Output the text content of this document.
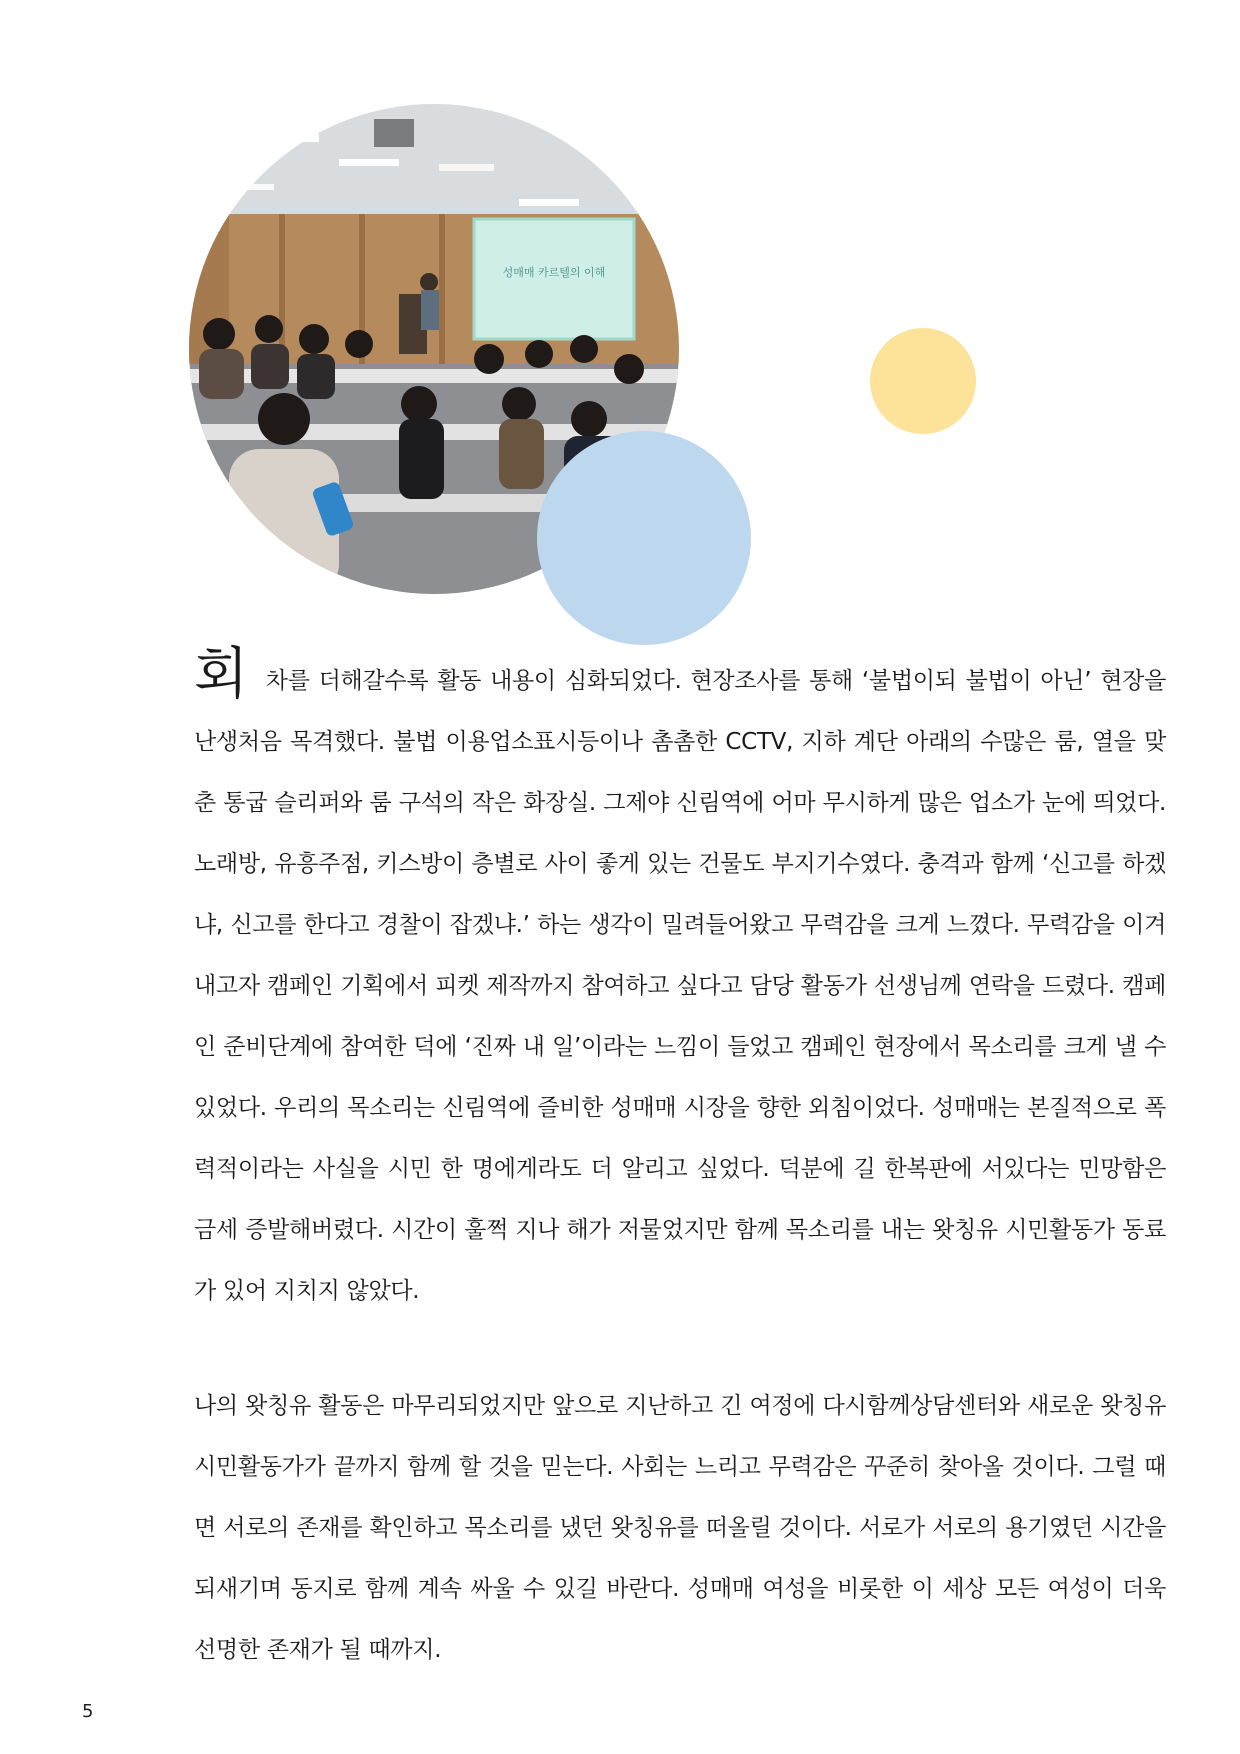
성매매 카르텔의 이해

회 차를 더해갈수록 활동 내용이 심화되었다. 현장조사를 통해 ‘불법이되 불법이 아닌’ 현장을 난생처음 목격했다. 불법 이용업소표시등이나 촘촘한 CCTV, 지하 계단 아래의 수많은 룸, 열을 맞춘 통굽 슬리퍼와 룸 구석의 작은 화장실. 그제야 신림역에 어마 무시하게 많은 업소가 눈에 띄었다. 노래방, 유흥주점, 키스방이 층별로 사이 좋게 있는 건물도 부지기수였다. 충격과 함께 ‘신고를 하겠냐, 신고를 한다고 경찰이 잡겠냐.’ 하는 생각이 밀려들어왔고 무력감을 크게 느꼈다. 무력감을 이겨내고자 캠페인 기획에서 피켓 제작까지 참여하고 싶다고 담당 활동가 선생님께 연락을 드렸다. 캠페인 준비단계에 참여한 덕에 ‘진짜 내 일’이라는 느낌이 들었고 캠페인 현장에서 목소리를 크게 낼 수 있었다. 우리의 목소리는 신림역에 즐비한 성매매 시장을 향한 외침이었다. 성매매는 본질적으로 폭력적이라는 사실을 시민 한 명에게라도 더 알리고 싶었다. 덕분에 길 한복판에 서있다는 민망함은 금세 증발해버렸다. 시간이 훌쩍 지나 해가 저물었지만 함께 목소리를 내는 왓칭유 시민활동가 동료가 있어 지치지 않았다.

나의 왓칭유 활동은 마무리되었지만 앞으로 지난하고 긴 여정에 다시함께상담센터와 새로운 왓칭유 시민활동가가 끝까지 함께 할 것을 믿는다. 사회는 느리고 무력감은 꾸준히 찾아올 것이다. 그럴 때면 서로의 존재를 확인하고 목소리를 냈던 왓칭유를 떠올릴 것이다. 서로가 서로의 용기였던 시간을 되새기며 동지로 함께 계속 싸울 수 있길 바란다. 성매매 여성을 비롯한 이 세상 모든 여성이 더욱 선명한 존재가 될 때까지.

5
